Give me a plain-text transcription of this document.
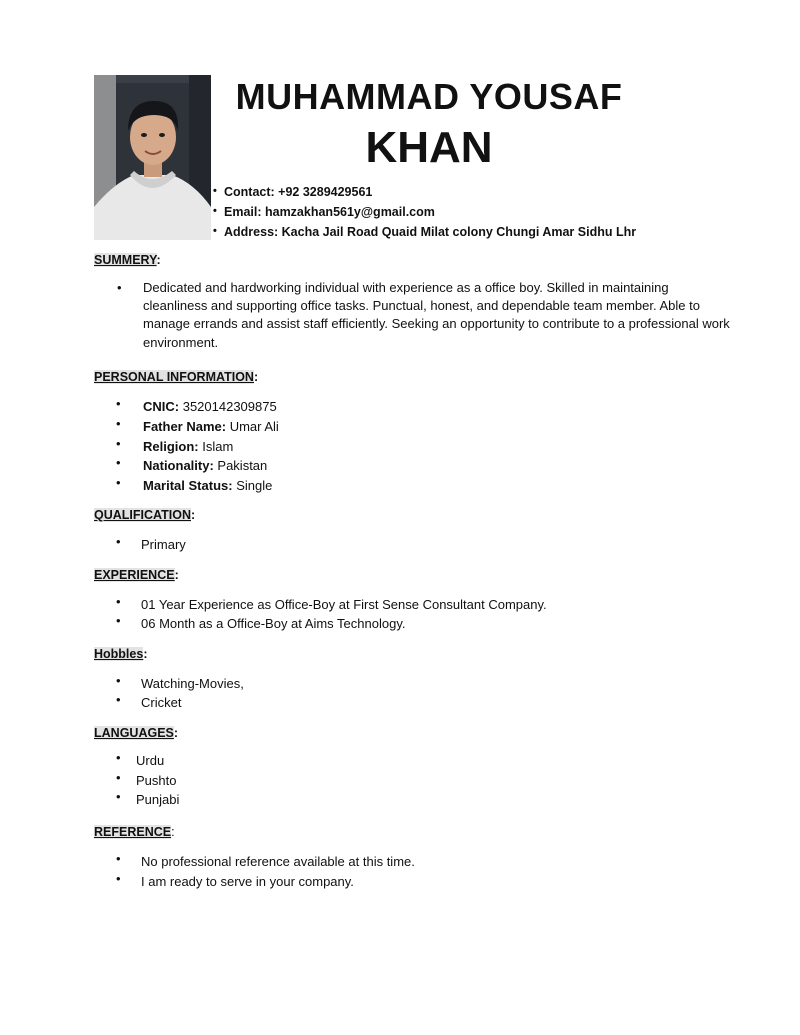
MUHAMMAD YOUSAF
KHAN
• Contact: +92 3289429561
• Email: hamzakhan561y@gmail.com
• Address: Kacha Jail Road Quaid Milat colony Chungi Amar Sidhu Lhr
SUMMERY:
• Dedicated and hardworking individual with experience as a office boy. Skilled in maintaining cleanliness and supporting office tasks. Punctual, honest, and dependable team member. Able to manage errands and assist staff efficiently. Seeking an opportunity to contribute to a professional work environment.
PERSONAL INFORMATION:
• CNIC: 3520142309875
• Father Name: Umar Ali
• Religion: Islam
• Nationality: Pakistan
• Marital Status: Single
QUALIFICATION:
• Primary
EXPERIENCE:
• 01 Year Experience as Office-Boy at First Sense Consultant Company.
• 06 Month as a Office-Boy at Aims Technology.
Hobbles:
• Watching-Movies,
• Cricket
LANGUAGES:
• Urdu
• Pushto
• Punjabi
REFERENCE:
• No professional reference available at this time.
• I am ready to serve in your company.
